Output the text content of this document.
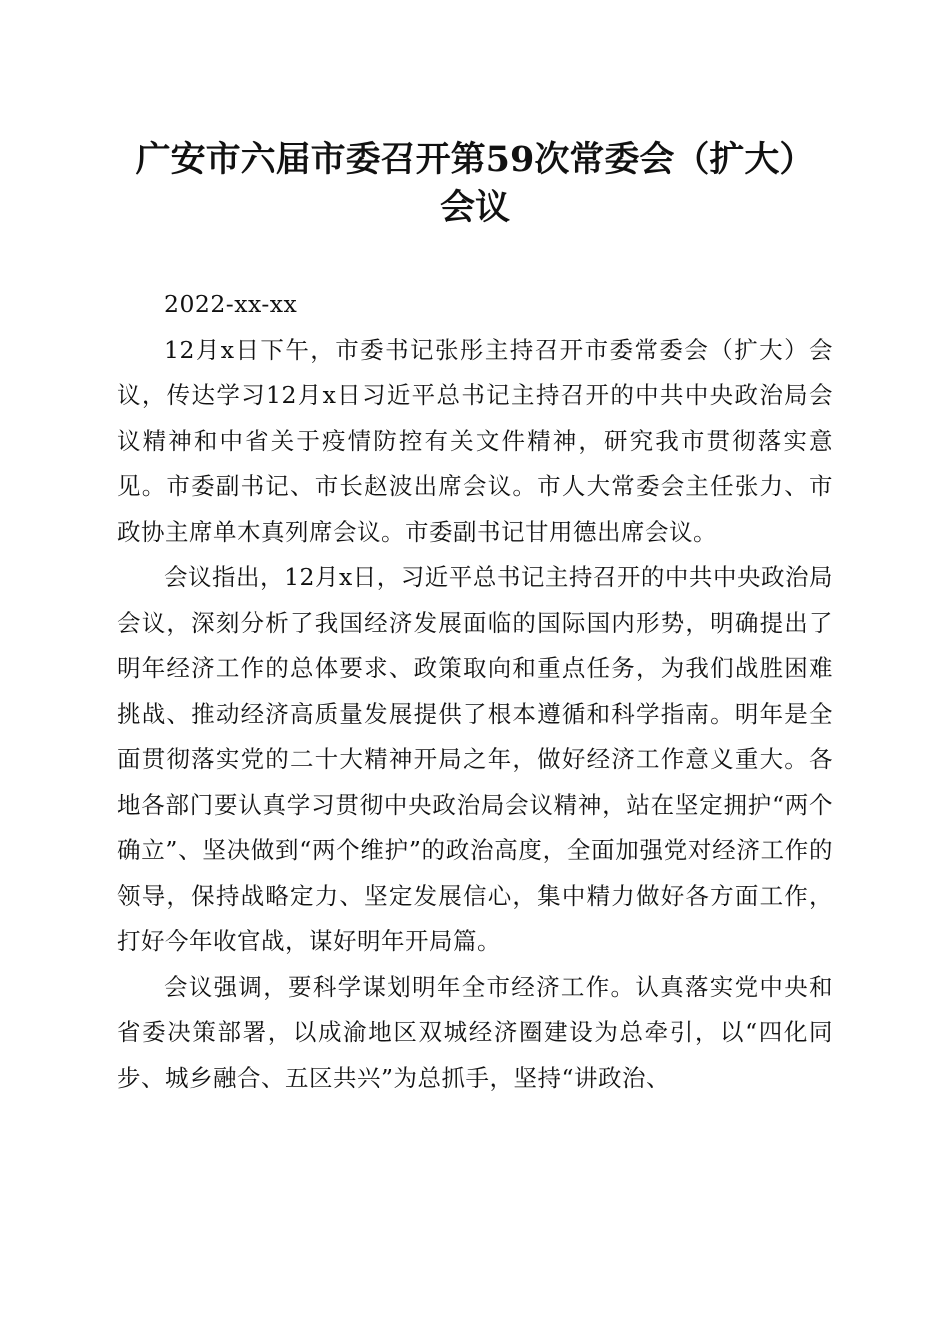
广安市六届市委召开第59次常委会（扩大）
会议

2022-xx-xx

12月x日下午，市委书记张彤主持召开市委常委会（扩大）会议，传达学习12月x日习近平总书记主持召开的中共中央政治局会议精神和中省关于疫情防控有关文件精神，研究我市贯彻落实意见。市委副书记、市长赵波出席会议。市人大常委会主任张力、市政协主席单木真列席会议。市委副书记甘用德出席会议。

会议指出，12月x日，习近平总书记主持召开的中共中央政治局会议，深刻分析了我国经济发展面临的国际国内形势，明确提出了明年经济工作的总体要求、政策取向和重点任务，为我们战胜困难挑战、推动经济高质量发展提供了根本遵循和科学指南。明年是全面贯彻落实党的二十大精神开局之年，做好经济工作意义重大。各地各部门要认真学习贯彻中央政治局会议精神，站在坚定拥护“两个确立”、坚决做到“两个维护”的政治高度，全面加强党对经济工作的领导，保持战略定力、坚定发展信心，集中精力做好各方面工作，打好今年收官战，谋好明年开局篇。

会议强调，要科学谋划明年全市经济工作。认真落实党中央和省委决策部署，以成渝地区双城经济圈建设为总牵引，以“四化同步、城乡融合、五区共兴”为总抓手，坚持“讲政治、
